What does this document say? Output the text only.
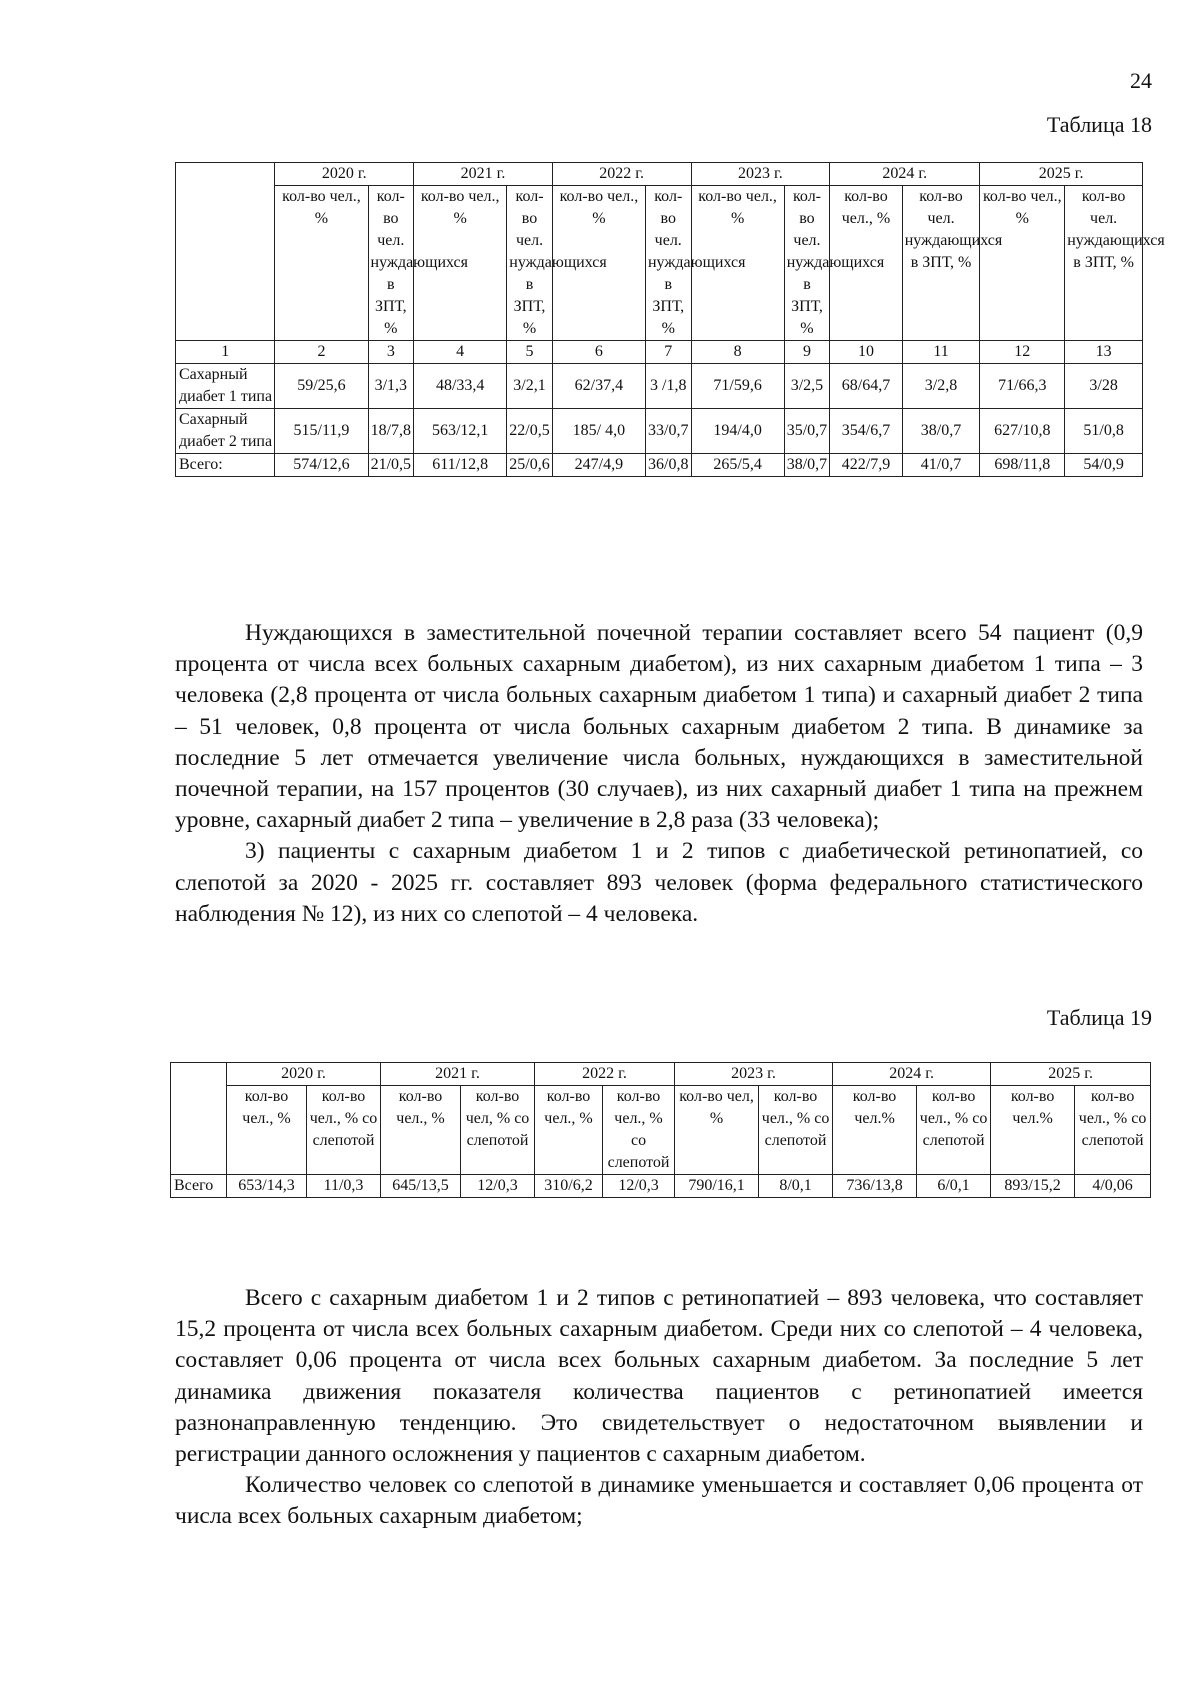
24
Таблица 18
	2020 г.		2021 г.		2022 г.		2023 г.		2024 г.		2025 г.	
	кол-во чел., %	кол-во чел. нуждающихся в ЗПТ, %	кол-во чел., %	кол-во чел. нуждающихся в ЗПТ, %	кол-во чел., %	кол-во чел. нуждающихся в ЗПТ, %	кол-во чел., %	кол-во чел. нуждающихся в ЗПТ, %	кол-во чел., %	кол-во чел. нуждающихся в ЗПТ, %	кол-во чел., %	кол-во чел. нуждающихся в ЗПТ, %
1	2	3	4	5	6	7	8	9	10	11	12	13
Сахарный диабет 1 типа	59/25,6	3/1,3	48/33,4	3/2,1	62/37,4	3 /1,8	71/59,6	3/2,5	68/64,7	3/2,8	71/66,3	3/28
Сахарный диабет 2 типа	515/11,9	18/7,8	563/12,1	22/0,5	185/ 4,0	33/0,7	194/4,0	35/0,7	354/6,7	38/0,7	627/10,8	51/0,8
Всего:	574/12,6	21/0,5	611/12,8	25/0,6	247/4,9	36/0,8	265/5,4	38/0,7	422/7,9	41/0,7	698/11,8	54/0,9

Нуждающихся в заместительной почечной терапии составляет всего 54 пациент (0,9 процента от числа всех больных сахарным диабетом), из них сахарным диабетом 1 типа – 3 человека (2,8 процента от числа больных сахарным диабетом 1 типа) и сахарный диабет 2 типа – 51 человек, 0,8 процента от числа больных сахарным диабетом 2 типа. В динамике за последние 5 лет отмечается увеличение числа больных, нуждающихся в заместительной почечной терапии, на 157 процентов (30 случаев), из них сахарный диабет 1 типа на прежнем уровне, сахарный диабет 2 типа – увеличение в 2,8 раза (33 человека);

3) пациенты с сахарным диабетом 1 и 2 типов с диабетической ретинопатией, со слепотой за 2020 - 2025 гг. составляет 893 человек (форма федерального статистического наблюдения № 12), из них со слепотой – 4 человека.

Таблица 19
	2020 г.		2021 г.		2022 г.		2023 г.		2024 г.		2025 г.	
	кол-во чел., %	кол-во чел., % со слепотой	кол-во чел., %	кол-во чел, % со слепотой	кол-во чел., %	кол-во чел., % со слепотой	кол-во чел, %	кол-во чел., % со слепотой	кол-во чел.%	кол-во чел., % со слепотой	кол-во чел.%	кол-во чел., % со слепотой
Всего	653/14,3	11/0,3	645/13,5	12/0,3	310/6,2	12/0,3	790/16,1	8/0,1	736/13,8	6/0,1	893/15,2	4/0,06

Всего с сахарным диабетом 1 и 2 типов с ретинопатией – 893 человека, что составляет 15,2 процента от числа всех больных сахарным диабетом. Среди них со слепотой – 4 человека, составляет 0,06 процента от числа всех больных сахарным диабетом. За последние 5 лет динамика движения показателя количества пациентов с ретинопатией имеется разнонаправленную тенденцию. Это свидетельствует о недостаточном выявлении и регистрации данного осложнения у пациентов с сахарным диабетом.

Количество человек со слепотой в динамике уменьшается и составляет 0,06 процента от числа всех больных сахарным диабетом;
